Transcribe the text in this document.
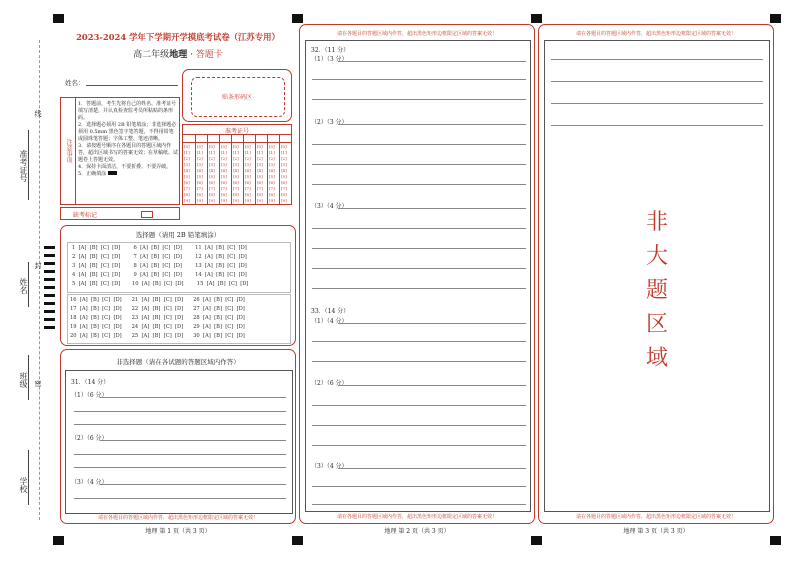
准考证号
姓名
班级
学校
线
封
密
2023-2024 学年下学期开学摸底考试卷（江苏专用）
高二年级地理 · 答题卡
姓名：
贴条形码区
注意事项
1．答题前，考生先将自己的姓名、准考证号填写清楚，并认真检查监考员所粘贴的条形码。
2．选择题必须用 2B 铅笔填涂；非选择题必须用 0.5mm 黑色签字笔答题，不得用铅笔或圆珠笔答题；字体工整、笔迹清晰。
3．请按题号顺序在各题目的答题区域内作答，超出区域书写的答案无效；在草稿纸、试题卷上答题无效。
4．保持卡面清洁，不要折叠、不要弄破。
5．正确填涂
准考证号
[0]
[1]
[2]
[3]
[4]
[5]
[6]
[7]
[8]
[9]
[0]
[1]
[2]
[3]
[4]
[5]
[6]
[7]
[8]
[9]
[0]
[1]
[2]
[3]
[4]
[5]
[6]
[7]
[8]
[9]
[0]
[1]
[2]
[3]
[4]
[5]
[6]
[7]
[8]
[9]
[0]
[1]
[2]
[3]
[4]
[5]
[6]
[7]
[8]
[9]
[0]
[1]
[2]
[3]
[4]
[5]
[6]
[7]
[8]
[9]
[0]
[1]
[2]
[3]
[4]
[5]
[6]
[7]
[8]
[9]
[0]
[1]
[2]
[3]
[4]
[5]
[6]
[7]
[8]
[9]
[0]
[1]
[2]
[3]
[4]
[5]
[6]
[7]
[8]
[9]
缺考标记
选择题（请用 2B 铅笔填涂）
1  [A]  [B]  [C]  [D]        6  [A]  [B]  [C]  [D]        11  [A]  [B]  [C]  [D]
2  [A]  [B]  [C]  [D]        7  [A]  [B]  [C]  [D]        12  [A]  [B]  [C]  [D]
3  [A]  [B]  [C]  [D]        8  [A]  [B]  [C]  [D]        13  [A]  [B]  [C]  [D]
4  [A]  [B]  [C]  [D]        9  [A]  [B]  [C]  [D]        14  [A]  [B]  [C]  [D]
5  [A]  [B]  [C]  [D]       10  [A]  [B]  [C]  [D]        15  [A]  [B]  [C]  [D]
16  [A]  [B]  [C]  [D]      21  [A]  [B]  [C]  [D]      26  [A]  [B]  [C]  [D]
17  [A]  [B]  [C]  [D]      22  [A]  [B]  [C]  [D]      27  [A]  [B]  [C]  [D]
18  [A]  [B]  [C]  [D]      23  [A]  [B]  [C]  [D]      28  [A]  [B]  [C]  [D]
19  [A]  [B]  [C]  [D]      24  [A]  [B]  [C]  [D]      29  [A]  [B]  [C]  [D]
20  [A]  [B]  [C]  [D]      25  [A]  [B]  [C]  [D]      30  [A]  [B]  [C]  [D]
非选择题（请在各试题的答题区域内作答）
31．（14 分）
（1）（6 分）
（2）（6 分）
（3）（4 分）
请在各题目的答题区域内作答，超出黑色矩形边框限定区域的答案无效！
地理 第 1 页（共 3 页）
请在各题目的答题区域内作答，超出黑色矩形边框限定区域的答案无效！
32．（11 分）
（1）（3 分）
（2）（3 分）
（3）（4 分）
33．（14 分）
（1）（4 分）
（2）（6 分）
（3）（4 分）
请在各题目的答题区域内作答，超出黑色矩形边框限定区域的答案无效！
地理 第 2 页（共 3 页）
请在各题目的答题区域内作答，超出黑色矩形边框限定区域的答案无效！
非
大
题
区
域
请在各题目的答题区域内作答，超出黑色矩形边框限定区域的答案无效！
地理 第 3 页（共 3 页）
